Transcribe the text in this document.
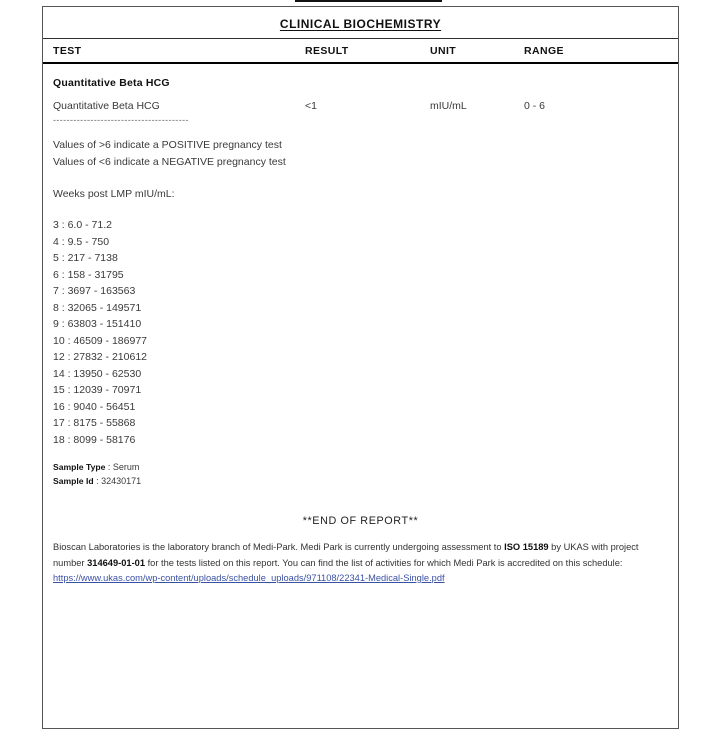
CLINICAL BIOCHEMISTRY
TEST	RESULT	UNIT	RANGE
Quantitative Beta HCG
Quantitative Beta HCG	<1	mIU/mL	0 - 6
----------------------------------------
Values of >6 indicate a POSITIVE pregnancy test
Values of <6 indicate a NEGATIVE pregnancy test
Weeks post LMP mIU/mL:
3 : 6.0 - 71.2
4 : 9.5 - 750
5 : 217 - 7138
6 : 158 - 31795
7 : 3697 - 163563
8 : 32065 - 149571
9 : 63803 - 151410
10 : 46509 - 186977
12 : 27832 - 210612
14 : 13950 - 62530
15 : 12039 - 70971
16 : 9040 - 56451
17 : 8175 - 55868
18 : 8099 - 58176
Sample Type : Serum
Sample Id : 32430171
**END OF REPORT**
Bioscan Laboratories is the laboratory branch of Medi-Park. Medi Park is currently undergoing assessment to ISO 15189 by UKAS with project number 314649-01-01 for the tests listed on this report. You can find the list of activities for which Medi Park is accredited on this schedule: https://www.ukas.com/wp-content/uploads/schedule_uploads/971108/22341-Medical-Single.pdf
